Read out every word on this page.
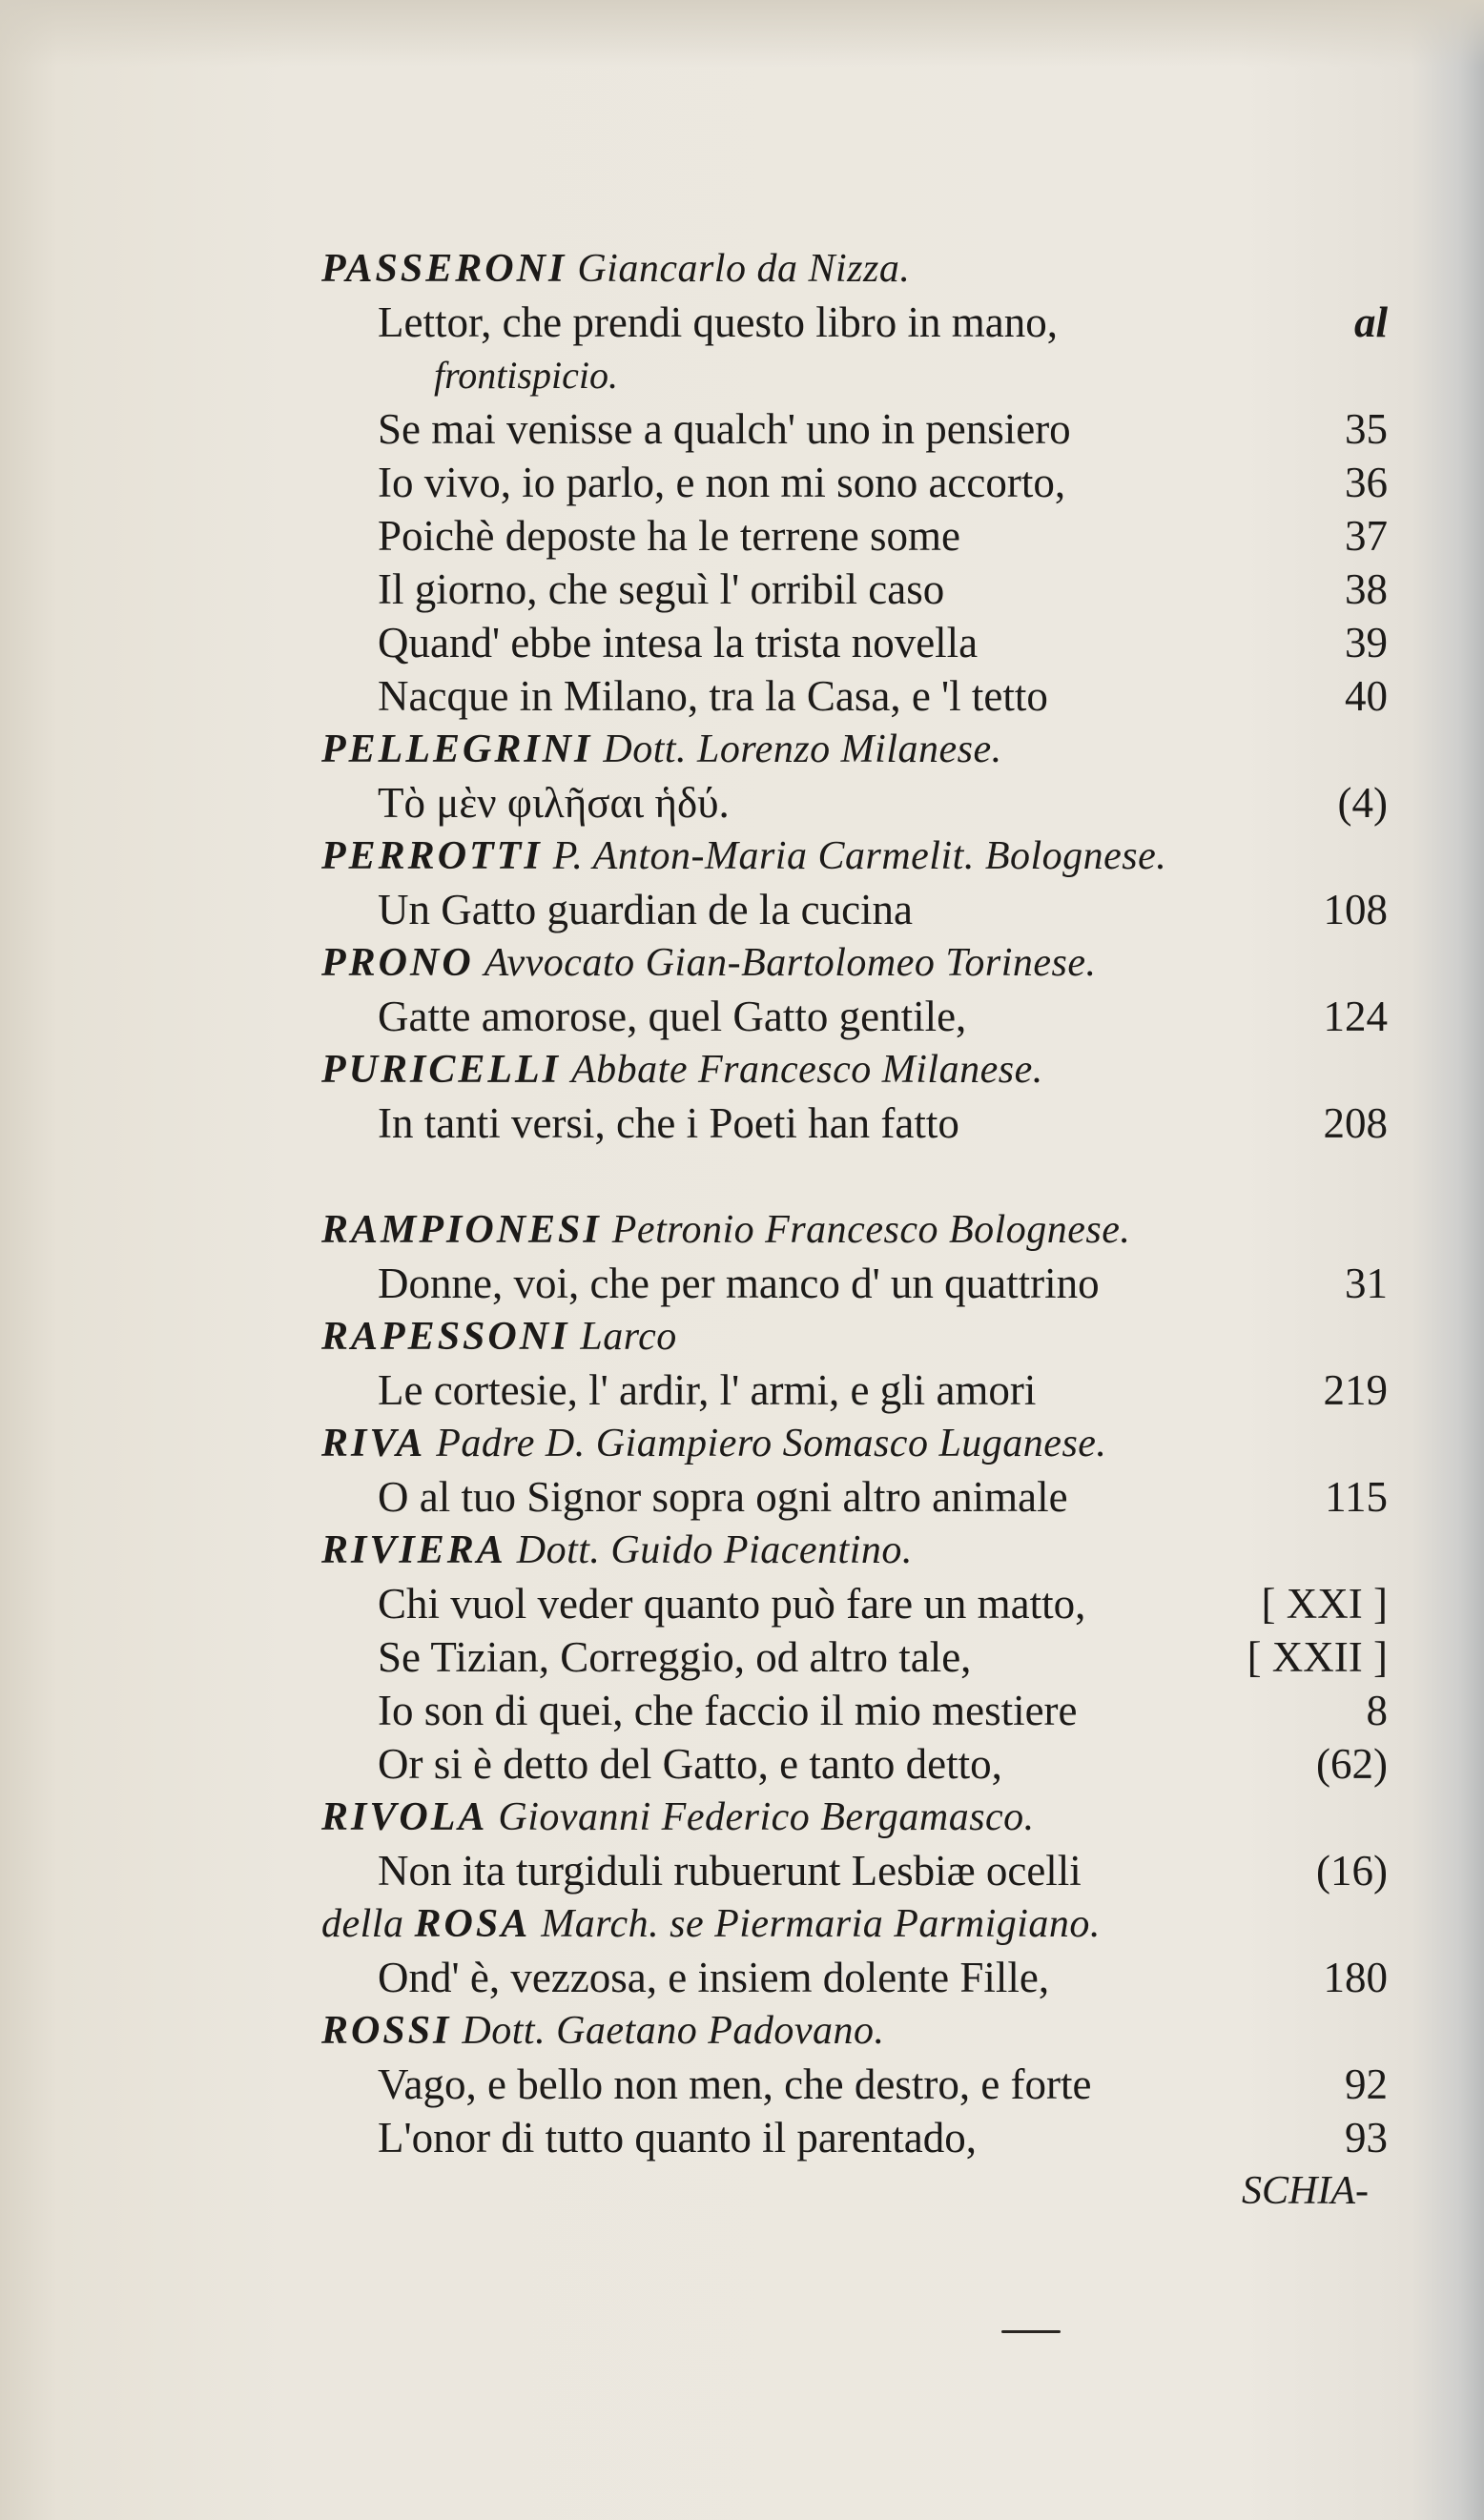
PASSERONI
Giancarlo da Nizza.
Lettor, che prendi questo libro in mano,	al
frontispicio.
Se mai venisse a qualch' uno in pensiero	35
Io vivo, io parlo, e non mi sono accorto,	36
Poichè deposte ha le terrene some	37
Il giorno, che seguì l' orribil caso	38
Quand' ebbe intesa la trista novella	39
Nacque in Milano, tra la Casa, e 'l tetto	40
PELLEGRINI
Dott. Lorenzo Milanese.
Τὸ μὲν φιλῆσαι ἡδύ.	(4)
PERROTTI
P. Anton-Maria Carmelit. Bolognese.
Un Gatto guardian de la cucina	108
PRONO
Avvocato Gian-Bartolomeo Torinese.
Gatte amorose, quel Gatto gentile,	124
PURICELLI
Abbate Francesco Milanese.
In tanti versi, che i Poeti han fatto	208
RAMPIONESI
Petronio Francesco Bolognese.
Donne, voi, che per manco d' un quattrino	31
RAPESSONI
Larco
Le cortesie, l' ardir, l' armi, e gli amori	219
RIVA
Padre D. Giampiero Somasco Luganese.
O al tuo Signor sopra ogni altro animale	115
RIVIERA
Dott. Guido Piacentino.
Chi vuol veder quanto può fare un matto,	[ XXI ]
Se Tizian, Correggio, od altro tale,	[ XXII ]
Io son di quei, che faccio il mio mestiere	8
Or si è detto del Gatto, e tanto detto,	(62)
RIVOLA
Giovanni Federico Bergamasco.
Non ita turgiduli rubuerunt Lesbiæ ocelli	(16)
della
ROSA
March. se Piermaria Parmigiano.
Ond' è, vezzosa, e insiem dolente Fille,	180
ROSSI
Dott. Gaetano Padovano.
Vago, e bello non men, che destro, e forte	92
L'onor di tutto quanto il parentado,	93
SCHIA-
